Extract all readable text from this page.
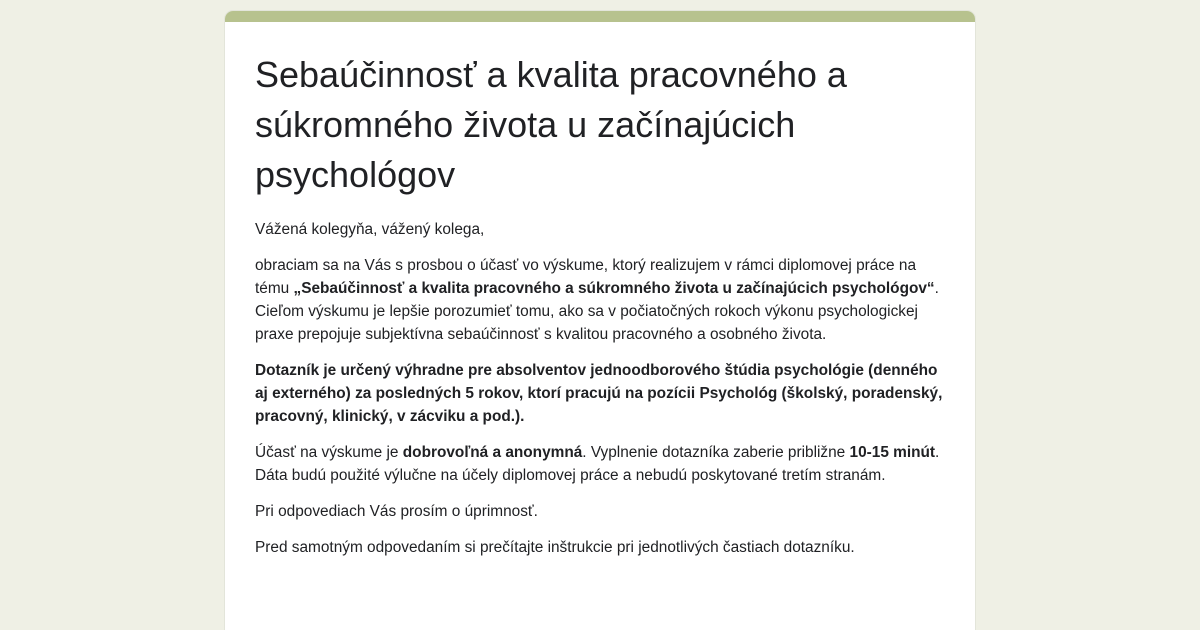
Sebaúčinnosť a kvalita pracovného a súkromného života u začínajúcich psychológov

Vážená kolegyňa, vážený kolega,

obraciam sa na Vás s prosbou o účasť vo výskume, ktorý realizujem v rámci diplomovej práce na tému „Sebaúčinnosť a kvalita pracovného a súkromného života u začínajúcich psychológov“. Cieľom výskumu je lepšie porozumieť tomu, ako sa v počiatočných rokoch výkonu psychologickej praxe prepojuje subjektívna sebaúčinnosť s kvalitou pracovného a osobného života.

Dotazník je určený výhradne pre absolventov jednoodborového štúdia psychológie (denného aj externého) za posledných 5 rokov, ktorí pracujú na pozícii Psychológ (školský, poradenský, pracovný, klinický, v zácviku a pod.).

Účasť na výskume je dobrovoľná a anonymná. Vyplnenie dotazníka zaberie približne 10-15 minút. Dáta budú použité výlučne na účely diplomovej práce a nebudú poskytované tretím stranám.

Pri odpovediach Vás prosím o úprimnosť.

Pred samotným odpovedaním si prečítajte inštrukcie pri jednotlivých častiach dotazníku.
